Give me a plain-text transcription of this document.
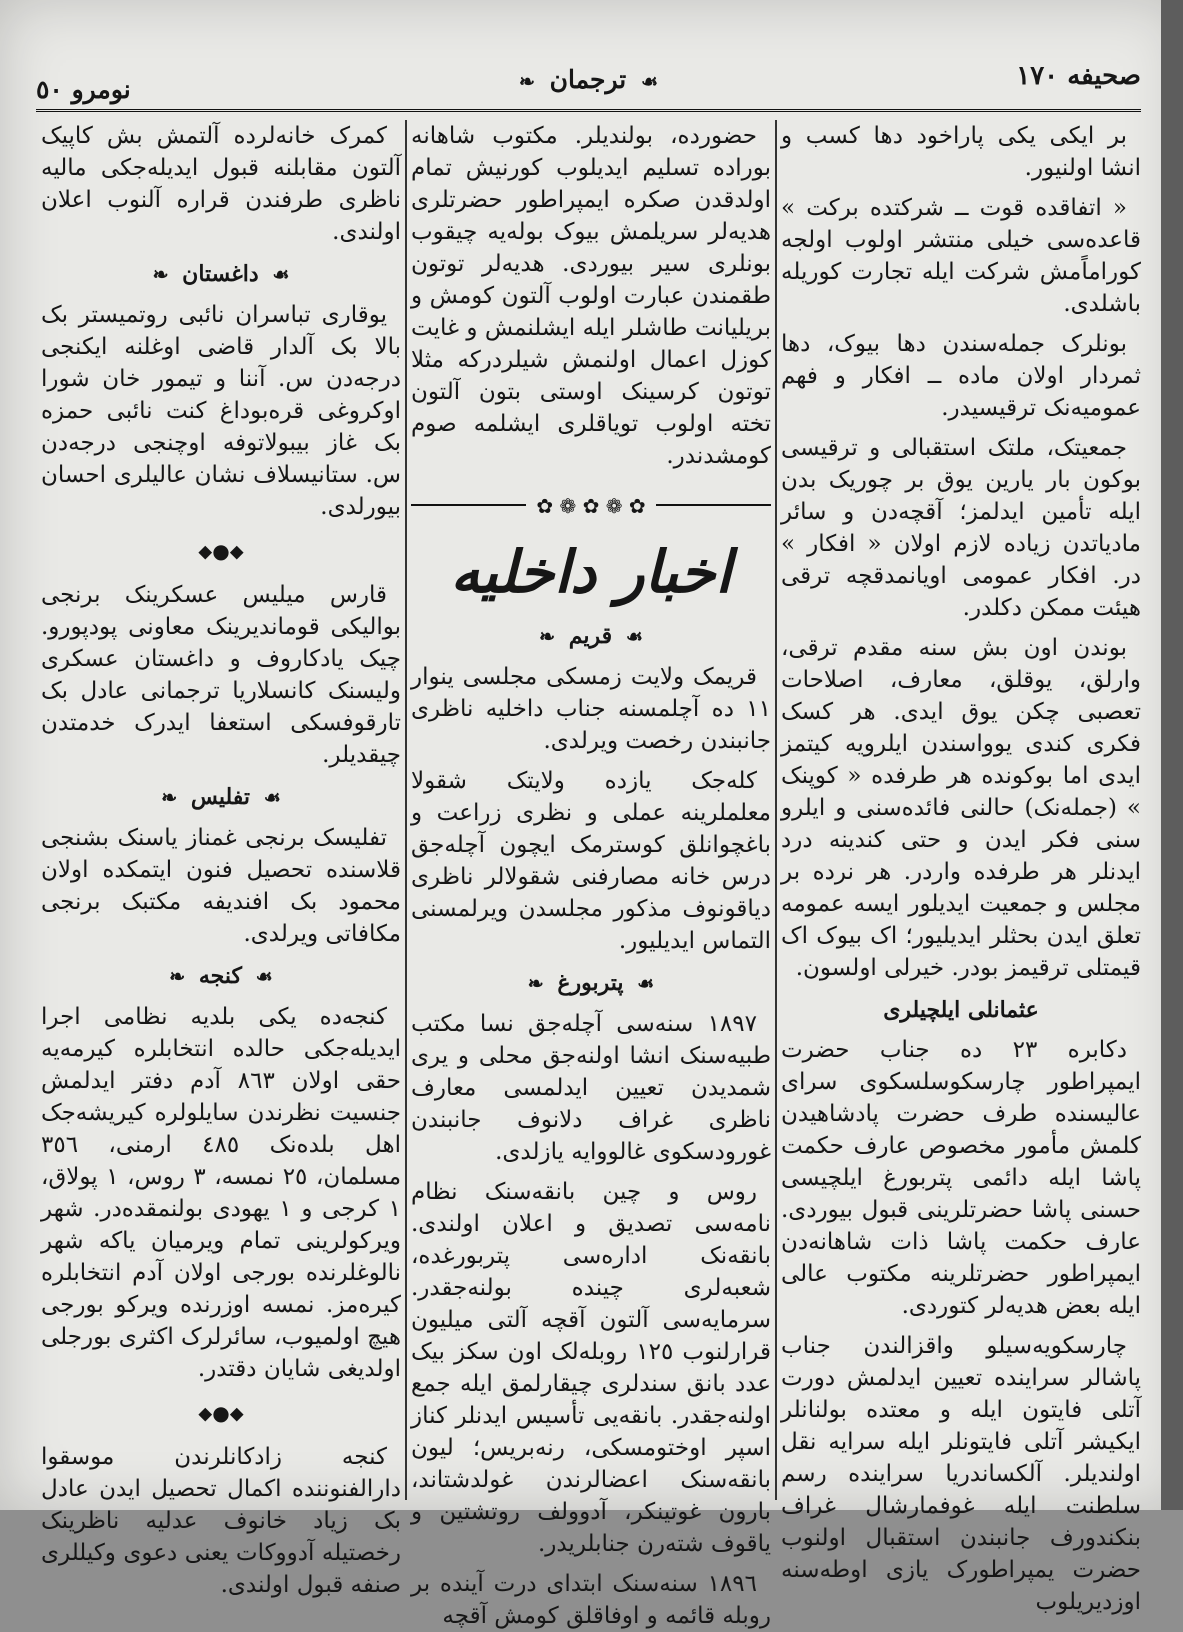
صحيفه ١٧٠
☙ ترجمان ❧
نومرو ٥٠

بر ایکی یکی پاراخود دها کسب و انشا اولنیور.

« اتفاقده قوت ــ شرکتده برکت » قاعده‌سی خیلی منتشر اولوب اولجه کوراماًمش شرکت ایله تجارت کوریله باشلدی.

بونلرک جمله‌سندن دها بیوک، دها ثمردار اولان ماده ــ افکار و فهم عمومیه‌نک ترقیسیدر.

جمعیتک، ملتک استقبالی و ترقیسی بوکون بار یارین یوق بر چوریک بدن ایله تأمین ایدلمز؛ آقچه‌دن و سائر مادیاتدن زیاده لازم اولان « افکار » در. افکار عمومی اویانمدقچه ترقی هیئت ممکن دکلدر.

بوندن اون بش سنه مقدم ترقی، وارلق، یوقلق، معارف، اصلاحات تعصبی چکن یوق ایدی. هر کسک فکری کندی یوواسندن ایلرویه کیتمز ایدی اما بوکونده هر طرفده « کوپنک » (جمله‌نک) حالنی فائده‌سنی و ایلرو سنی فکر ایدن و حتی کندینه درد ایدنلر هر طرفده واردر. هر نرده بر مجلس و جمعیت ایدیلور ایسه عمومه تعلق ایدن بحثلر ایدیلیور؛ اک بیوک اک قیمتلی ترقیمز بودر. خیرلی اولسون.

عثمانلی ایلچیلری

دکابره ٢٣ ده جناب حضرت ایمپراطور چارسکوسلسکوی سرای عالیسنده طرف حضرت پادشاهیدن کلمش مأمور مخصوص عارف حکمت پاشا ایله دائمی پتربورغ ایلچیسی حسنی پاشا حضرتلرینی قبول بیوردی. عارف حکمت پاشا ذات شاهانه‌دن ایمپراطور حضرتلرینه مکتوب عالی ایله بعض هدیه‌لر کتوردی.

چارسکویه‌سیلو واقزالندن جناب پاشالر سراینده تعیین ایدلمش دورت آتلی فایتون ایله و معتده بولنانلر ایکیشر آتلی فایتونلر ایله سرایه نقل اولندیلر. آلکساندریا سراینده رسم سلطنت ایله غوفمارشال غراف بنکندورف جانبندن استقبال اولنوب حضرت یمپراطورک یازی اوطه‌سنه اوزدیریلوب

حضورده، بولندیلر. مکتوب شاهانه بوراده تسلیم ایدیلوب کورنیش تمام اولدقدن صکره ایمپراطور حضرتلری هدیه‌لر سریلمش بیوک بوله‌یه چیقوب بونلری سیر بیوردی. هدیه‌لر توتون طقمندن عبارت اولوب آلتون کومش و بریلیانت طاشلر ایله ایشلنمش و غایت کوزل اعمال اولنمش شیلردرکه مثلا توتون کرسینک اوستی بتون آلتون تخته اولوب تویاقلری ایشلمه صوم کومشدندر.

✿ ❁ ✿ ❁ ✿
اخبار داخلیه
☙ قریم ❧

قریمک ولایت زمسکی مجلسی ینوار ١١ ده آچلمسنه جناب داخلیه ناظری جانبندن رخصت ویرلدی.

کله‌جک یازده ولایتک شقولا معلملرینه عملی و نظری زراعت و باغچوانلق کوسترمک ایچون آچله‌جق درس خانه مصارفنی شقولالر ناظری دیاقونوف مذکور مجلسدن ویرلمسنی التماس ایدیلیور.

☙ پتربورغ ❧

١٨٩٧ سنه‌سی آچله‌جق نسا مکتب طبیه‌سنک انشا اولنه‌جق محلی و یری شمدیدن تعیین ایدلمسی معارف ناظری غراف دلانوف جانبندن غورودسکوی غالووایه یازلدی.

روس و چین بانقه‌سنک نظام نامه‌سی تصدیق و اعلان اولندی. بانقه‌نک اداره‌سی پتربورغده، شعبه‌لری چینده بولنه‌جقدر. سرمایه‌سی آلتون آقچه آلتی میلیون قرارلنوب ١٢٥ روبله‌لک اون سکز بیک عدد بانق سندلری چیقارلمق ایله جمع اولنه‌جقدر. بانقه‌یی تأسیس ایدنلر کناز اسپر اوختومسکی، رنه‌بریس؛ لیون بانقه‌سنک اعضالرندن غولدشتاند، بارون غوتینکر، آدوولف روتشتین و یاقوف شته‌رن جنابلریدر.

١٨٩٦ سنه‌سنک ابتدای درت آینده بر روبله قائمه و اوفاقلق کومش آقچه

کمرک خانه‌لرده آلتمش بش کاپیک آلتون مقابلنه قبول ایدیله‌جکی مالیه ناظری طرفندن قراره آلنوب اعلان اولندی.

☙ داغستان ❧

یوقاری تباسران نائبی روتمیستر بک بالا بک آلدار قاضی اوغلنه ایکنجی درجه‌دن س. آننا و تیمور خان شورا اوکروغی قره‌بوداغ کنت نائبی حمزه بک غاز بیبولاتوفه اوچنجی درجه‌دن س. ستانیسلاف نشان عالیلری احسان بیورلدی.

⬥●⬥

قارس میلیس عسکرینک برنجی بوالیکی قوماندیرینک معاونی پودپورو. چیک یادکاروف و داغستان عسکری ولیسنک کانسلاریا ترجمانی عادل بک تارقوفسکی استعفا ایدرک خدمتدن چیقدیلر.

☙ تفلیس ❧

تفلیسک برنجی غمناز یاسنک بشنجی قلاسنده تحصیل فنون ایتمکده اولان محمود بک افندیفه مکتبک برنجی مکافاتی ویرلدی.

☙ کنجه ❧

کنجه‌ده یکی بلدیه نظامی اجرا ایدیله‌جکی حالده انتخابلره کیرمه‌یه حقی اولان ٨٦٣ آدم دفتر ایدلمش جنسیت نظرندن سایلولره کیریشه‌جک اهل بلده‌نک ٤٨٥ ارمنی، ٣٥٦ مسلمان، ٢٥ نمسه، ٣ روس، ١ پولاق، ١ کرجی و ١ یهودی بولنمقده‌در. شهر ویرکولرینی تمام ویرمیان یاکه شهر نالوغلرنده بورجی اولان آدم انتخابلره کیره‌مز. نمسه اوزرنده ویرکو بورجی هیچ اولمیوب، سائرلرک اکثری بورجلی اولدیغی شایان دقتدر.

⬥●⬥

کنجه زادکانلرندن موسقوا دارالفنوننده اکمال تحصیل ایدن عادل بک زیاد خانوف عدلیه ناظرینک رخصتیله آدووکات یعنی دعوی وکیللری صنفه قبول اولندی.
